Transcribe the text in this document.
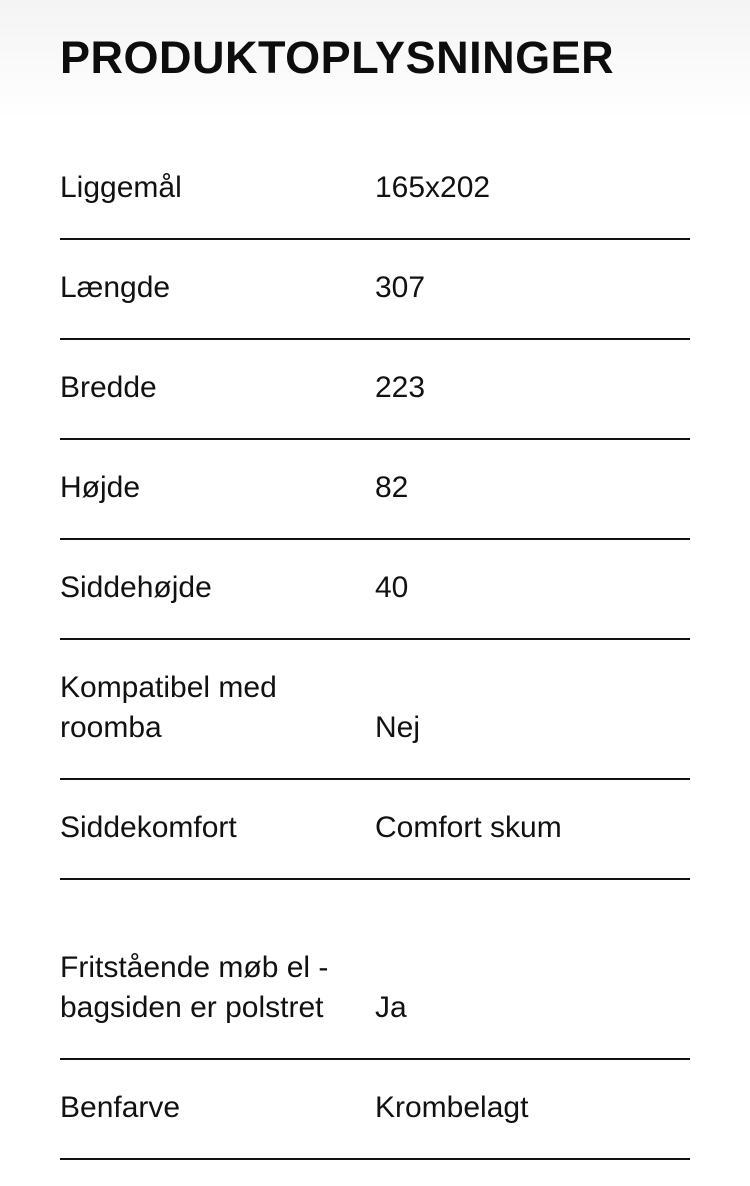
PRODUKTOPLYSNINGER
Liggemål	165x202
Længde	307
Bredde	223
Højde	82
Siddehøjde	40
Kompatibel med roomba	Nej
Siddekomfort	Comfort skum
Fritstående møb el - bagsiden er polstret	Ja
Benfarve	Krombelagt
